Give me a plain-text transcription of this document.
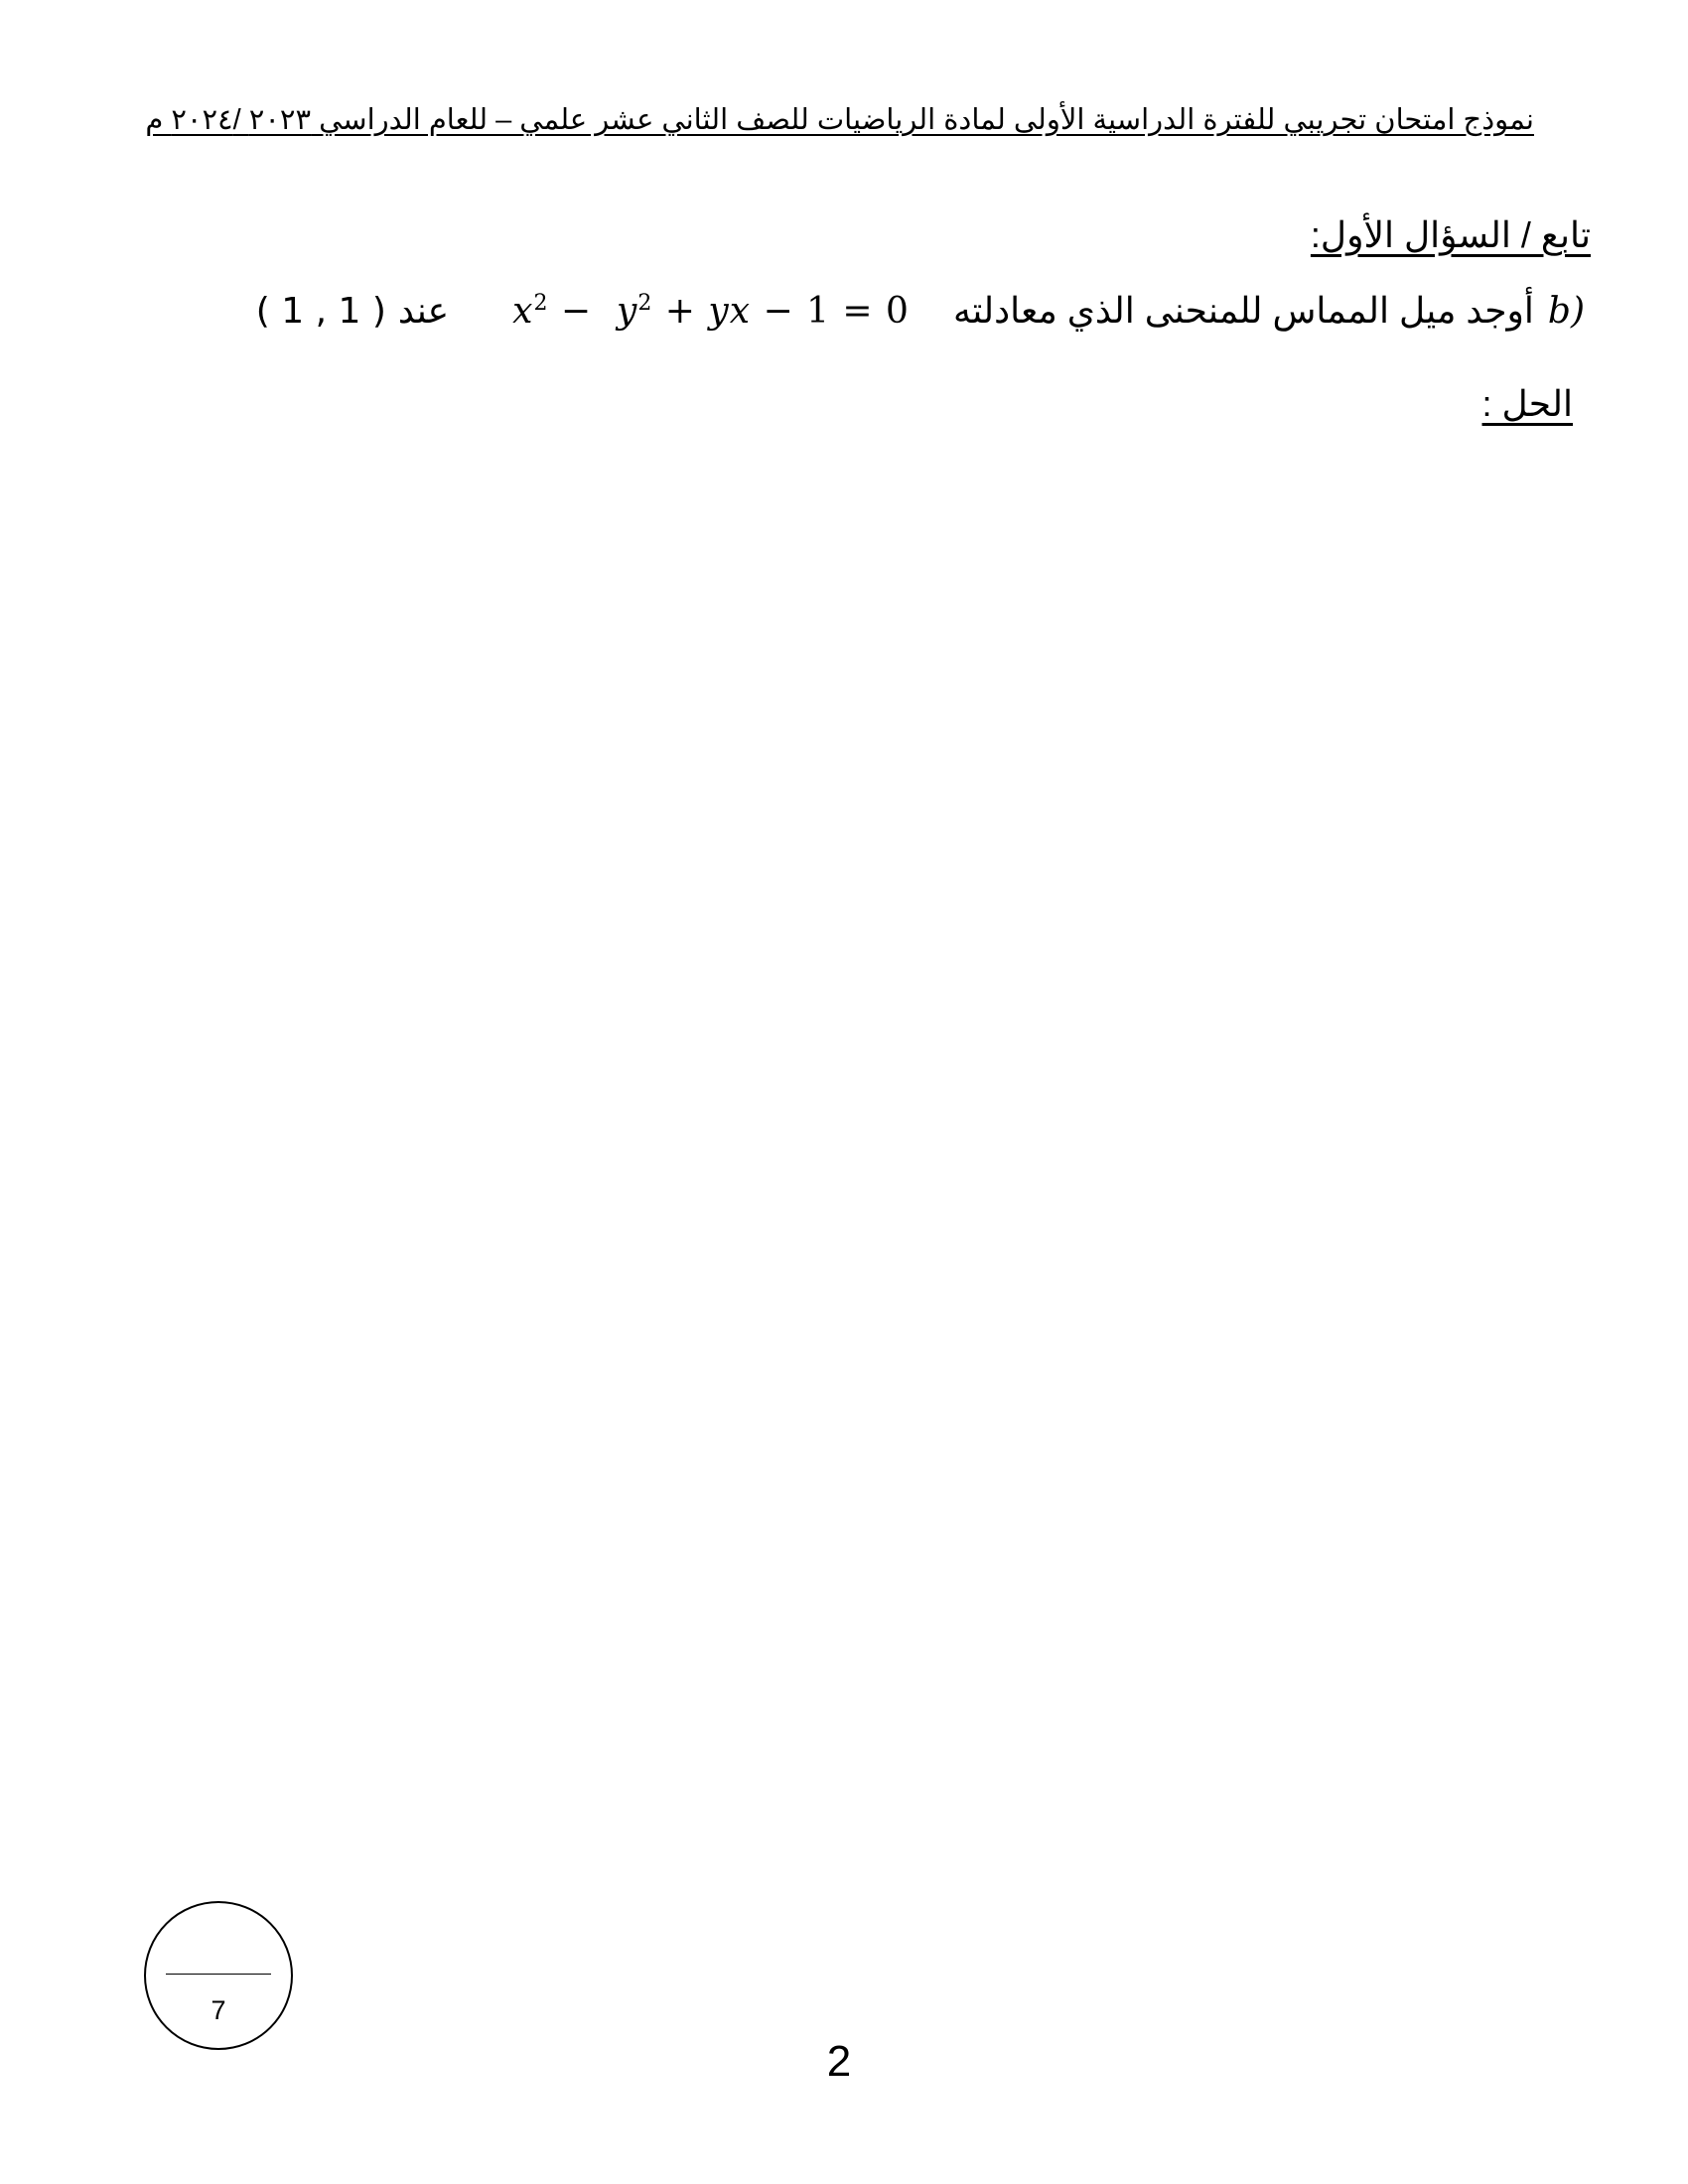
نموذج امتحان تجريبي للفترة الدراسية الأولى لمادة الرياضيات للصف الثاني عشر علمي – للعام الدراسي ٢٠٢٣ /٢٠٢٤ م
تابع / السؤال الأول:
( 1 , 1 ) عند $x^2 - y^2$ + yx − 1 = 0 أوجد ميل المماس للمنحنى الذي معادلته b)
الحل :
7
2
